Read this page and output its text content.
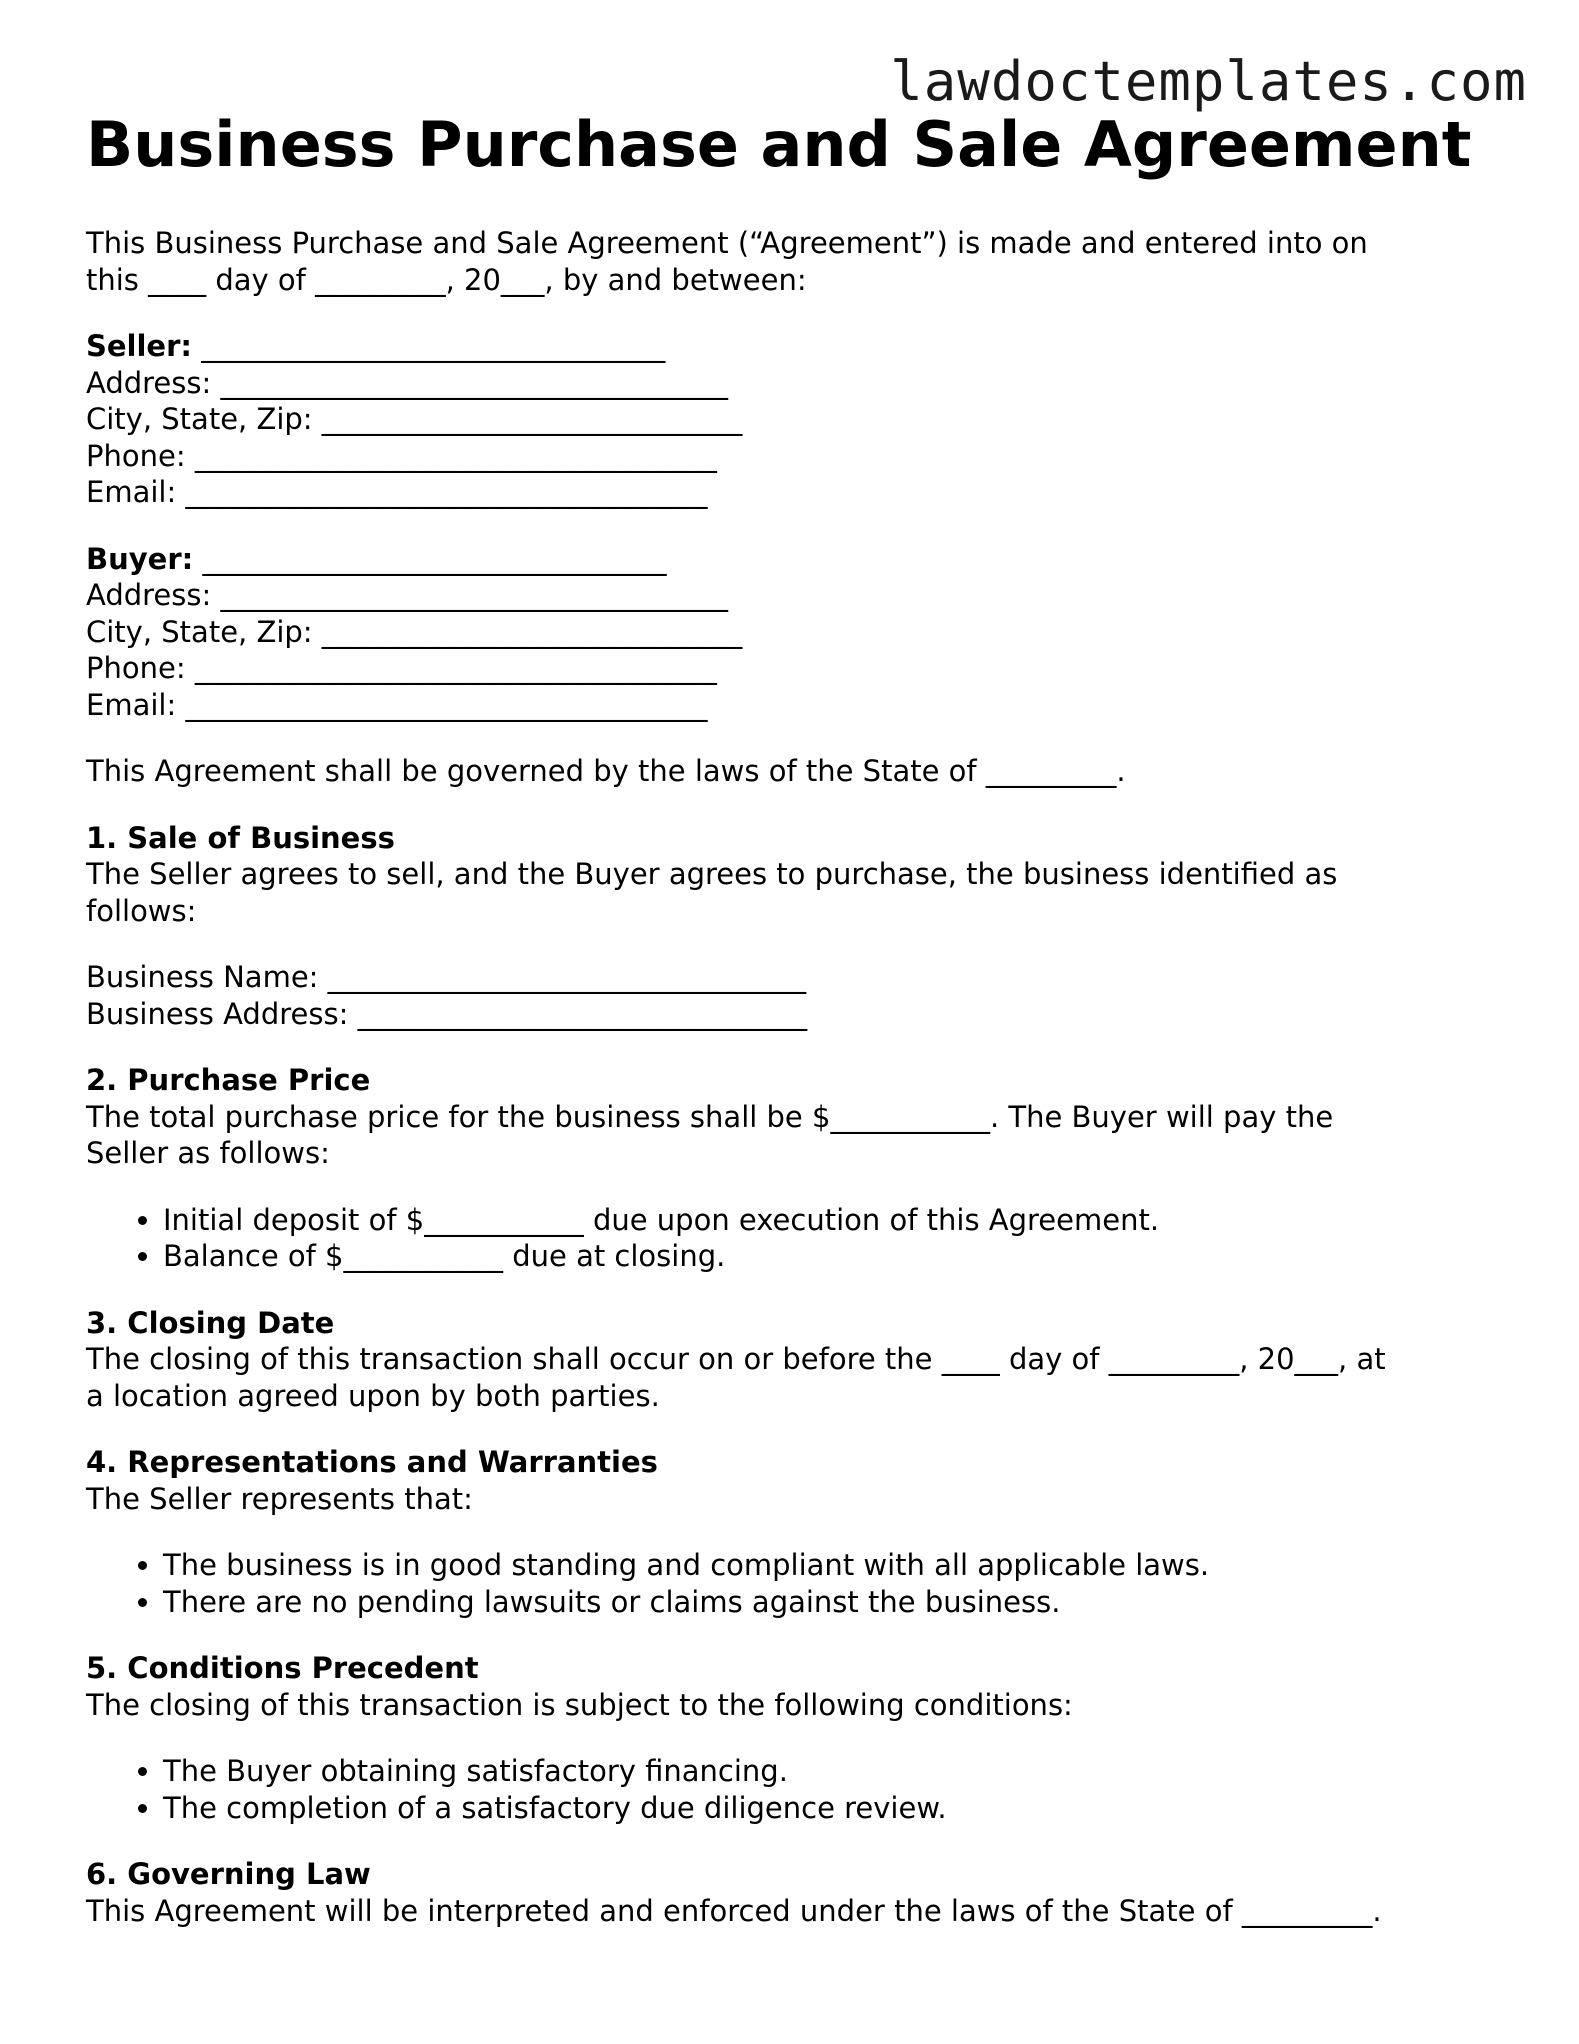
lawdoctemplates.com
Business Purchase and Sale Agreement

This Business Purchase and Sale Agreement (“Agreement”) is made and entered into on

this ____ day of _________, 20___, by and between:

Seller: ________________________________

Address: ___________________________________

City, State, Zip: _____________________________

Phone: ____________________________________

Email: ____________________________________

Buyer: ________________________________

Address: ___________________________________

City, State, Zip: _____________________________

Phone: ____________________________________

Email: ____________________________________

This Agreement shall be governed by the laws of the State of _________.

1. Sale of Business

The Seller agrees to sell, and the Buyer agrees to purchase, the business identified as

follows:

Business Name: _________________________________

Business Address: _______________________________

2. Purchase Price

The total purchase price for the business shall be $___________. The Buyer will pay the

Seller as follows:

• Initial deposit of $___________ due upon execution of this Agreement.
• Balance of $___________ due at closing.

3. Closing Date

The closing of this transaction shall occur on or before the ____ day of _________, 20___, at

a location agreed upon by both parties.

4. Representations and Warranties

The Seller represents that:

• The business is in good standing and compliant with all applicable laws.
• There are no pending lawsuits or claims against the business.

5. Conditions Precedent

The closing of this transaction is subject to the following conditions:

• The Buyer obtaining satisfactory financing.
• The completion of a satisfactory due diligence review.

6. Governing Law

This Agreement will be interpreted and enforced under the laws of the State of _________.
